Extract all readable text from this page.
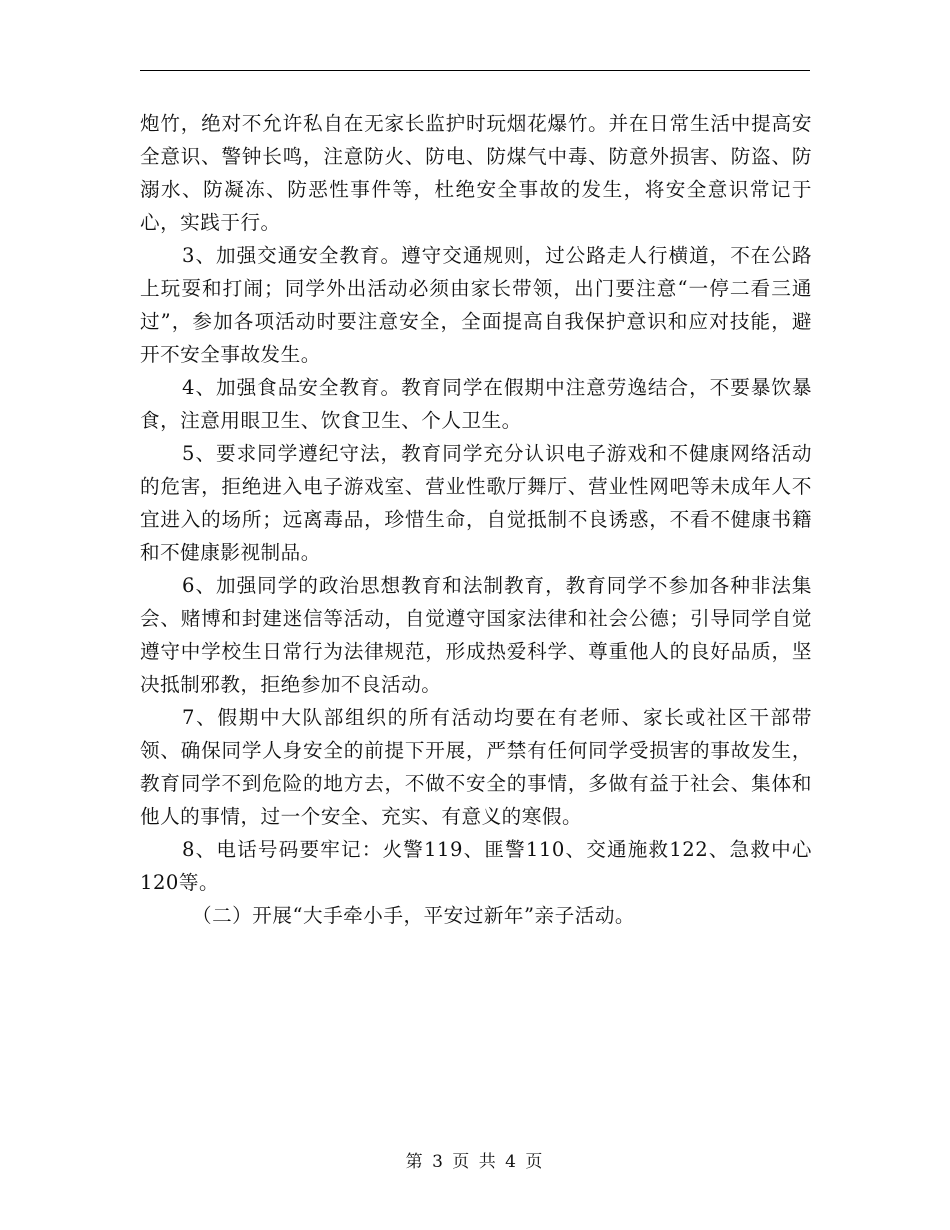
炮竹，绝对不允许私自在无家长监护时玩烟花爆竹。并在日常生活中提高安全意识、警钟长鸣，注意防火、防电、防煤气中毒、防意外损害、防盗、防溺水、防凝冻、防恶性事件等，杜绝安全事故的发生，将安全意识常记于心，实践于行。

3、加强交通安全教育。遵守交通规则，过公路走人行横道，不在公路上玩耍和打闹；同学外出活动必须由家长带领，出门要注意“一停二看三通过”，参加各项活动时要注意安全，全面提高自我保护意识和应对技能，避开不安全事故发生。

4、加强食品安全教育。教育同学在假期中注意劳逸结合，不要暴饮暴食，注意用眼卫生、饮食卫生、个人卫生。

5、要求同学遵纪守法，教育同学充分认识电子游戏和不健康网络活动的危害，拒绝进入电子游戏室、营业性歌厅舞厅、营业性网吧等未成年人不宜进入的场所；远离毒品，珍惜生命，自觉抵制不良诱惑，不看不健康书籍和不健康影视制品。

6、加强同学的政治思想教育和法制教育，教育同学不参加各种非法集会、赌博和封建迷信等活动，自觉遵守国家法律和社会公德；引导同学自觉遵守中学校生日常行为法律规范，形成热爱科学、尊重他人的良好品质，坚决抵制邪教，拒绝参加不良活动。

7、假期中大队部组织的所有活动均要在有老师、家长或社区干部带领、确保同学人身安全的前提下开展，严禁有任何同学受损害的事故发生，教育同学不到危险的地方去，不做不安全的事情，多做有益于社会、集体和他人的事情，过一个安全、充实、有意义的寒假。

8、电话号码要牢记：火警119、匪警110、交通施救122、急救中心120等。

（二）开展“大手牵小手，平安过新年”亲子活动。

第 3 页 共 4 页
